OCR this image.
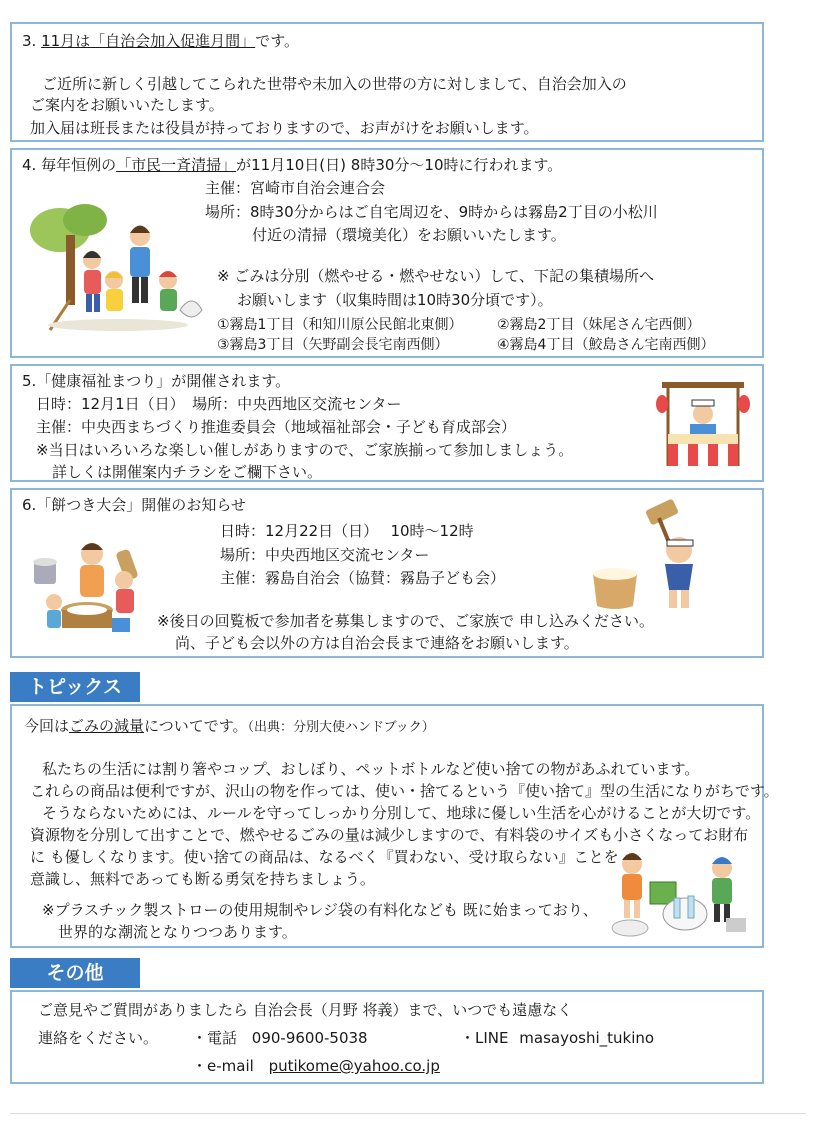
3. 11月は「自治会加入促進月間」です。
ご近所に新しく引越してこられた世帯や未加入の世帯の方に対しまして、自治会加入の
ご案内をお願いいたします。
加入届は班長または役員が持っておりますので、お声がけをお願いします。
4. 毎年恒例の「市民一斉清掃」が11月10日(日) 8時30分～10時に行われます。
主催：宮崎市自治会連合会
場所：8時30分からはご自宅周辺を、9時からは霧島2丁目の小松川
付近の清掃（環境美化）をお願いいたします。
※ ごみは分別（燃やせる・燃やせない）して、下記の集積場所へ
お願いします（収集時間は10時30分頃です）。
①霧島1丁目（和知川原公民館北東側） ②霧島2丁目（妹尾さん宅西側）
③霧島3丁目（矢野副会長宅南西側）	④霧島4丁目（鮫島さん宅南西側）
5.「健康福祉まつり」が開催されます。
日時：12月1日（日）　場所：中央西地区交流センター
主催：中央西まちづくり推進委員会（地域福祉部会・子ども育成部会）
※当日はいろいろな楽しい催しがありますので、ご家族揃って参加しましょう。
詳しくは開催案内チラシをご欄下さい。
6.「餅つき大会」開催のお知らせ
日時：12月22日（日）　 10時～12時
場所：中央西地区交流センター
主催：霧島自治会（協賛：霧島子ども会）
※後日の回覧板で参加者を募集しますので、ご家族で 申し込みください。
尚、子ども会以外の方は自治会長まで連絡をお願いします。
トピックス
今回はごみの減量についてです。（出典：分別大使ハンドブック）
私たちの生活には割り箸やコップ、おしぼり、ペットボトルなど使い捨ての物があふれています。
これらの商品は便利ですが、沢山の物を作っては、使い・捨てるという『使い捨て』型の生活になりがちです。
そうならないためには、ルールを守ってしっかり分別して、地球に優しい生活を心がけることが大切です。
資源物を分別して出すことで、燃やせるごみの量は減少しますので、有料袋のサイズも小さくなってお財布
に も優しくなります。使い捨ての商品は、なるべく『買わない、受け取らない』ことを
意識し、無料であっても断る勇気を持ちましょう。
※プラスチック製ストローの使用規制やレジ袋の有料化なども 既に始まっており、
世界的な潮流となりつつあります。
その他
ご意見やご質問がありましたら 自治会長（月野 将義）まで、いつでも遠慮なく
連絡をください。 ・電話 090-9600-5038	・LINE masayoshi_tukino
・e-mail putikome@yahoo.co.jp
